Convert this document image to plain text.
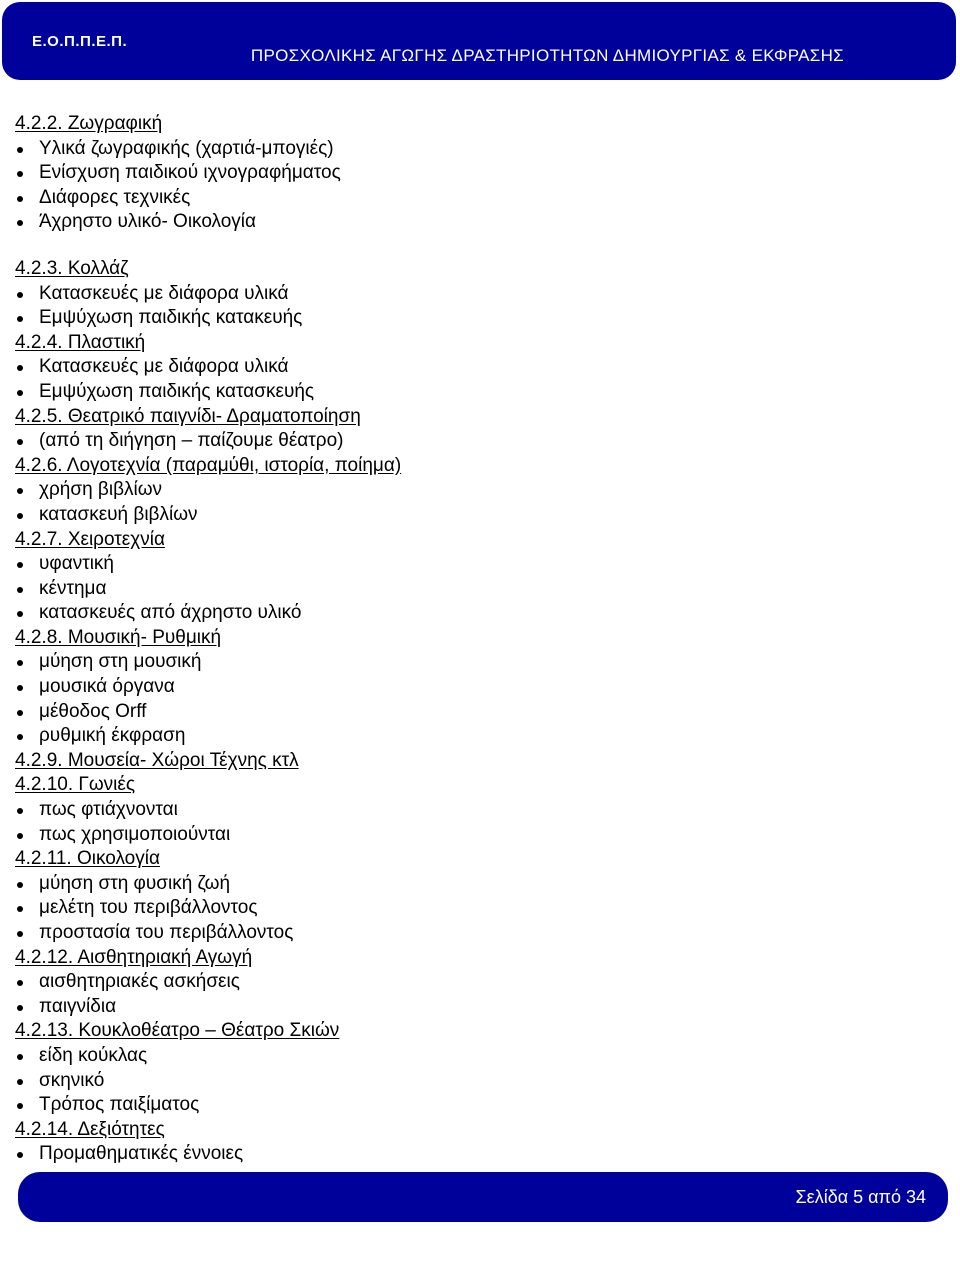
Ε.Ο.Π.Π.Ε.Π.
ΠΡΟΣΧΟΛΙΚΗΣ ΑΓΩΓΗΣ ΔΡΑΣΤΗΡΙΟΤΗΤΩΝ ΔΗΜΙΟΥΡΓΙΑΣ & ΕΚΦΡΑΣΗΣ
4.2.2. Ζωγραφική
Υλικά ζωγραφικής (χαρτιά-μπογιές)
Ενίσχυση παιδικού ιχνογραφήματος
Διάφορες τεχνικές
Άχρηστο υλικό- Οικολογία
4.2.3. Κολλάζ
Κατασκευές με διάφορα υλικά
Εμψύχωση παιδικής κατακευής
4.2.4. Πλαστική
Κατασκευές με διάφορα υλικά
Εμψύχωση παιδικής κατασκευής
4.2.5. Θεατρικό παιγνίδι- Δραματοποίηση
(από τη διήγηση – παίζουμε θέατρο)
4.2.6. Λογοτεχνία (παραμύθι, ιστορία, ποίημα)
χρήση βιβλίων
κατασκευή βιβλίων
4.2.7. Χειροτεχνία
υφαντική
κέντημα
κατασκευές από άχρηστο υλικό
4.2.8. Μουσική- Ρυθμική
μύηση στη μουσική
μουσικά όργανα
μέθοδος Orff
ρυθμική έκφραση
4.2.9. Μουσεία- Χώροι Τέχνης κτλ
4.2.10. Γωνιές
πως φτιάχνονται
πως χρησιμοποιούνται
4.2.11. Οικολογία
μύηση στη φυσική ζωή
μελέτη του περιβάλλοντος
προστασία του περιβάλλοντος
4.2.12. Αισθητηριακή Αγωγή
αισθητηριακές ασκήσεις
παιγνίδια
4.2.13. Κουκλοθέατρο – Θέατρο Σκιών
είδη κούκλας
σκηνικό
Τρόπος παιξίματος
4.2.14. Δεξιότητες
Προμαθηματικές έννοιες
Σελίδα 5 από 34
